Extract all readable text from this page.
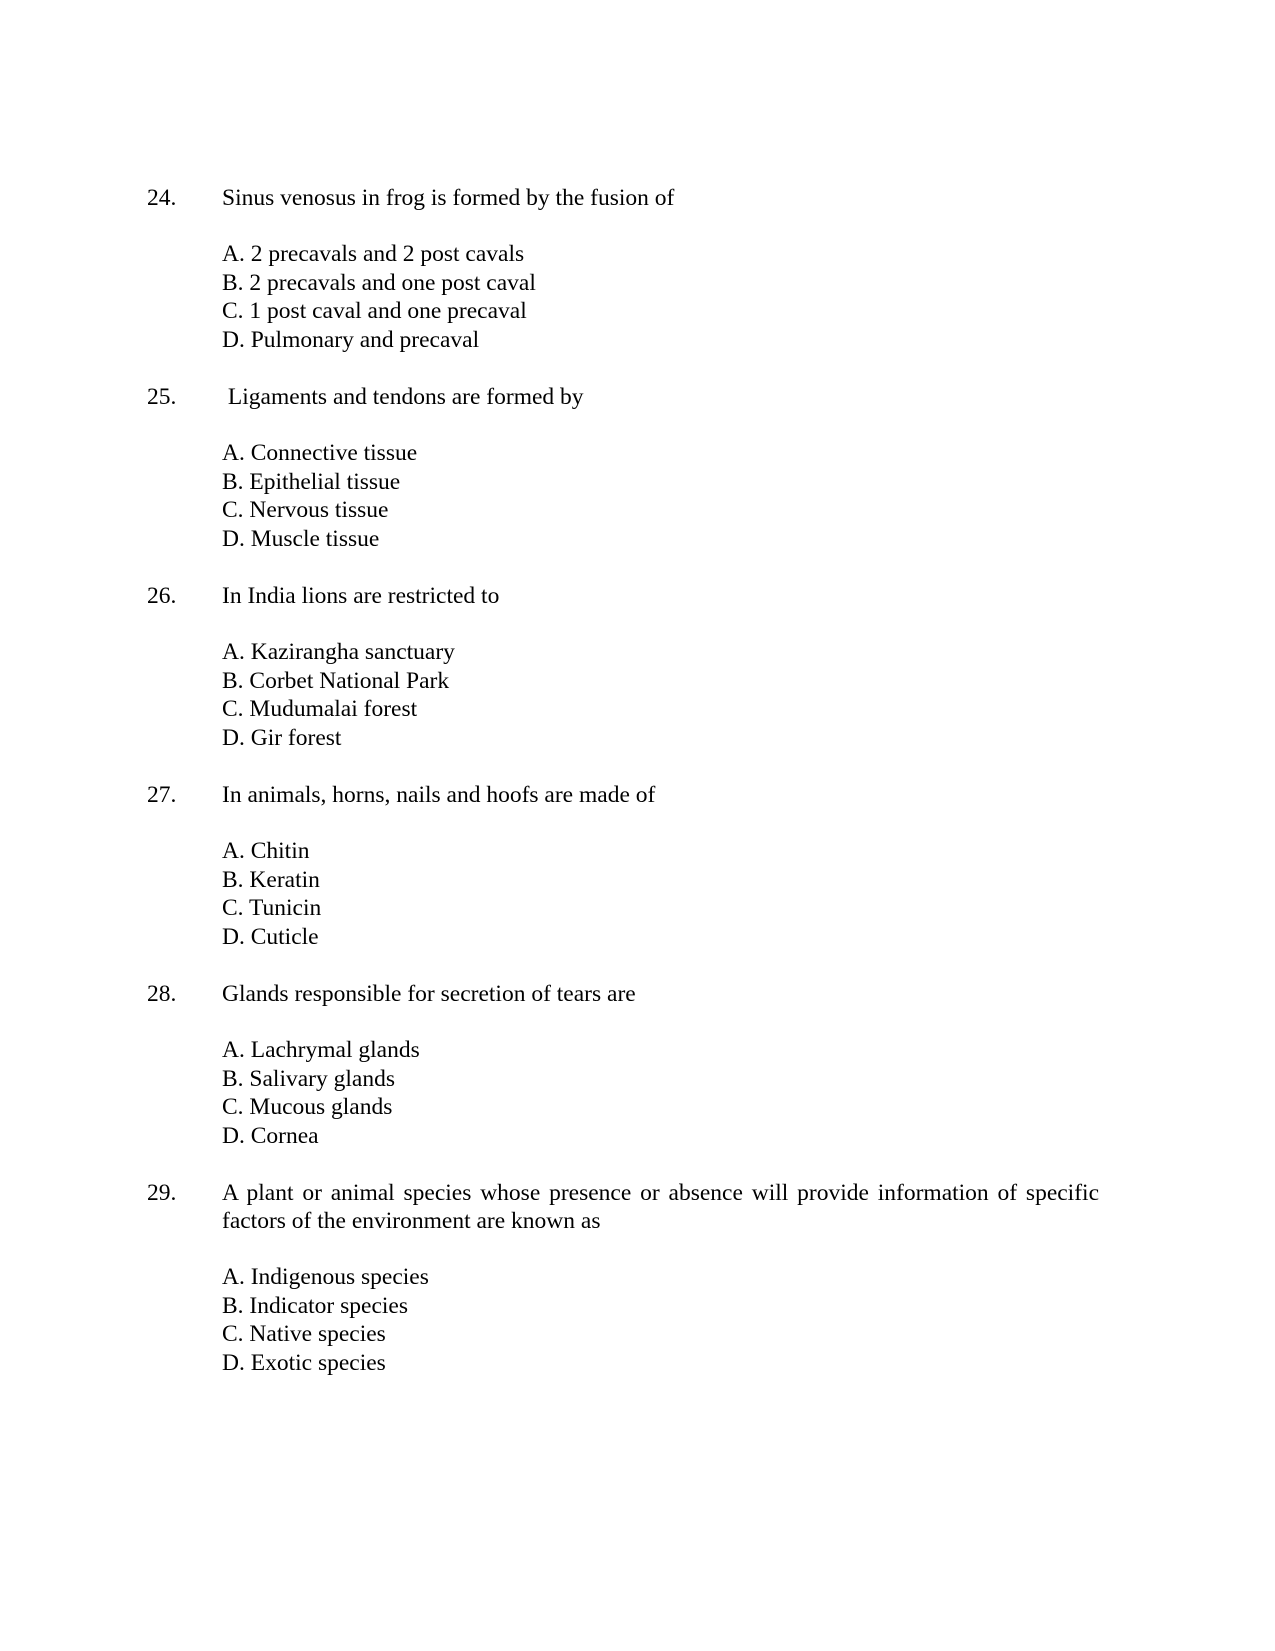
24. Sinus venosus in frog is formed by the fusion of
A. 2 precavals and 2 post cavals
B. 2 precavals and one post caval
C. 1 post caval and one precaval
D. Pulmonary and precaval
25. Ligaments and tendons are formed by
A. Connective tissue
B. Epithelial tissue
C. Nervous tissue
D. Muscle tissue
26. In India lions are restricted to
A. Kazirangha sanctuary
B. Corbet National Park
C. Mudumalai forest
D. Gir forest
27. In animals, horns, nails and hoofs are made of
A. Chitin
B. Keratin
C. Tunicin
D. Cuticle
28. Glands responsible for secretion of tears are
A. Lachrymal glands
B. Salivary glands
C. Mucous glands
D. Cornea
29. A plant or animal species whose presence or absence will provide information of specific factors of the environment are known as
A. Indigenous species
B. Indicator species
C. Native species
D. Exotic species
